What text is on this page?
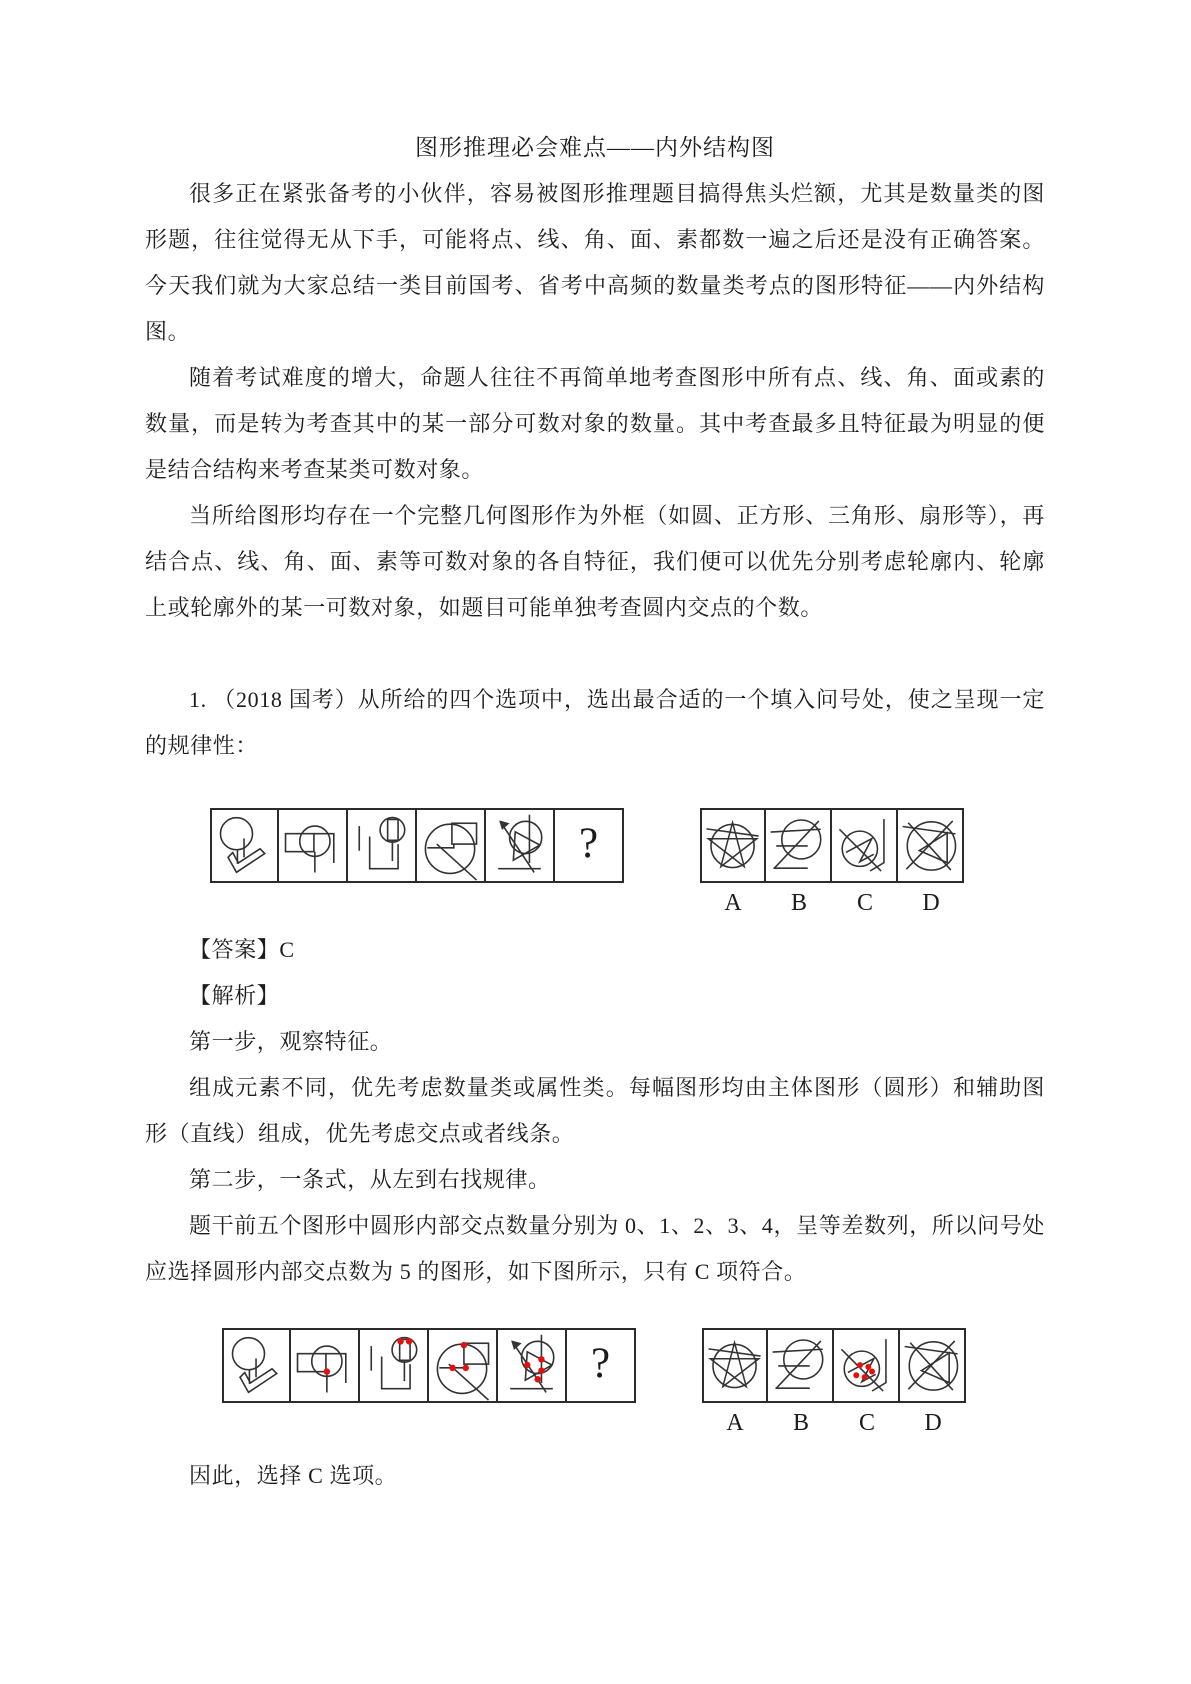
图形推理必会难点——内外结构图

很多正在紧张备考的小伙伴，容易被图形推理题目搞得焦头烂额，尤其是数量类的图形题，往往觉得无从下手，可能将点、线、角、面、素都数一遍之后还是没有正确答案。今天我们就为大家总结一类目前国考、省考中高频的数量类考点的图形特征——内外结构图。

随着考试难度的增大，命题人往往不再简单地考查图形中所有点、线、角、面或素的数量，而是转为考查其中的某一部分可数对象的数量。其中考查最多且特征最为明显的便是结合结构来考查某类可数对象。

当所给图形均存在一个完整几何图形作为外框（如圆、正方形、三角形、扇形等），再结合点、线、角、面、素等可数对象的各自特征，我们便可以优先分别考虑轮廓内、轮廓上或轮廓外的某一可数对象，如题目可能单独考查圆内交点的个数。

1. （2018 国考）从所给的四个选项中，选出最合适的一个填入问号处，使之呈现一定的规律性：

?
A	B	C	D

【答案】C

【解析】

第一步，观察特征。

组成元素不同，优先考虑数量类或属性类。每幅图形均由主体图形（圆形）和辅助图形（直线）组成，优先考虑交点或者线条。

第二步，一条式，从左到右找规律。

题干前五个图形中圆形内部交点数量分别为 0、1、2、3、4，呈等差数列，所以问号处应选择圆形内部交点数为 5 的图形，如下图所示，只有 C 项符合。

?
A	B	C	D

因此，选择 C 选项。
